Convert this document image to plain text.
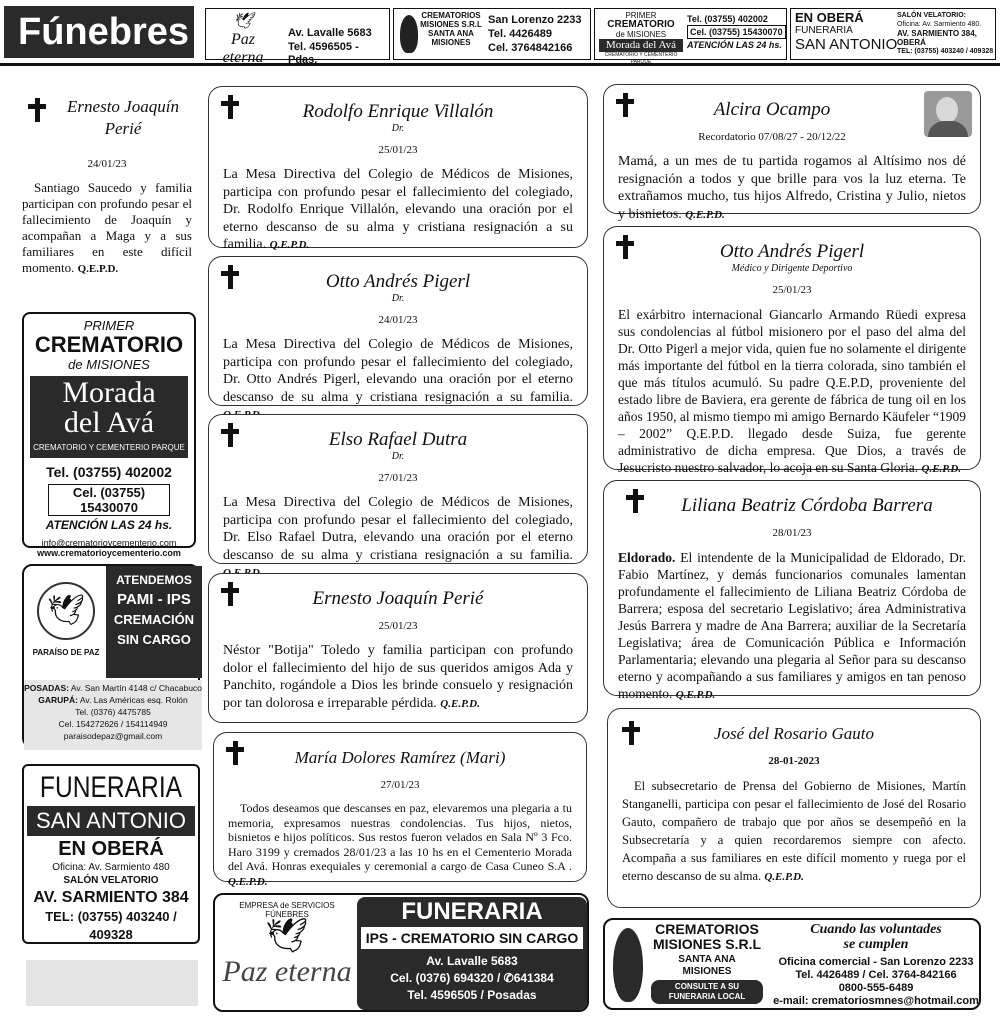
Fúnebres	🕊
Paz eterna
Av. Lavalle 5683
Tel. 4596505 - Pdas.
CREMATORIOS MISIONES S.R.L
SANTA ANA MISIONES
San Lorenzo 2233
Tel. 4426489
Cel. 3764842166
PRIMER
CREMATORIO
de MISIONES
Morada del Avá
CREMATORIO Y CEMENTERIO PARQUE
Tel. (03755) 402002
Cel. (03755) 15430070
ATENCIÓN LAS 24 hs.
EN OBERÁ
FUNERARIA
SAN ANTONIO
SALÓN VELATORIO:
Oficina: Av. Sarmiento 480.
AV. SARMIENTO 384, OBERÁ
TEL: (03755) 403240 / 409328
Ernesto Joaquín Perié
24/01/23
Santiago Saucedo y familia participan con profundo pesar el fallecimiento de Joaquín y acompañan a Maga y a sus familiares en este difícil momento. Q.E.P.D.
PRIMER
CREMATORIO
de MISIONES
Morada
del Avá
CREMATORIO Y CEMENTERIO PARQUE
Tel. (03755) 402002
Cel. (03755) 15430070
ATENCIÓN LAS 24 hs.
info@crematorioycementerio.com
www.crematorioycementerio.com
🕊
PARAÍSO DE PAZ
ATENDEMOS
PAMI - IPS
CREMACIÓN
SIN CARGO
POSADAS: Av. San Martín 4148 c/ Chacabuco
GARUPÁ: Av. Las Américas esq. Rolón
Tel. (0376) 4475785
Cel. 154272626 / 154114949
paraisodepaz@gmail.com
FUNERARIA
SAN ANTONIO
EN OBERÁ
Oficina: Av. Sarmiento 480
SALÓN VELATORIO
AV. SARMIENTO 384
TEL: (03755) 403240 / 409328
Rodolfo Enrique Villalón
Dr.
25/01/23
La Mesa Directiva del Colegio de Médicos de Misiones, participa con profundo pesar el fallecimiento del colegiado, Dr. Rodolfo Enrique Villalón, elevando una oración por el eterno descanso de su alma y cristiana resignación a su familia. Q.E.P.D.
Otto Andrés Pigerl
Dr.
24/01/23
La Mesa Directiva del Colegio de Médicos de Misiones, participa con profundo pesar el fallecimiento del colegiado, Dr. Otto Andrés Pigerl, elevando una oración por el eterno descanso de su alma y cristiana resignación a su familia.
Elso Rafael Dutra
Dr.
27/01/23
La Mesa Directiva del Colegio de Médicos de Misiones, participa con profundo pesar el fallecimiento del colegiado, Dr. Elso Rafael Dutra, elevando una oración por el eterno descanso de su alma y cristiana resignación a su familia.
Ernesto Joaquín Perié
25/01/23
Néstor "Botija" Toledo y familia participan con profundo dolor el fallecimiento del hijo de sus queridos amigos Ada y Panchito, rogándole a Dios les brinde consuelo y resignación por tan dolorosa e irreparable pérdida. Q.E.P.D.
María Dolores Ramírez (Mari)
27/01/23
Todos deseamos que descanses en paz, elevaremos una plegaria a tu memoria, expresamos nuestras condolencias. Tus hijos, nietos, bisnietos e hijos políticos. Sus restos fueron velados en Sala Nº 3 Fco. Haro 3199 y cremados 28/01/23 a las 10 hs en el Cementerio Morada del Avá. Honras exequiales y ceremonial a cargo de Casa Cuneo S.A . Q.E.P.D.
EMPRESA de SERVICIOS FÚNEBRES
🕊
Paz eterna
FUNERARIA
IPS - CREMATORIO SIN CARGO
Av. Lavalle 5683
Cel. (0376) 694320 / ✆641384
Tel. 4596505 / Posadas
Alcira Ocampo
Recordatorio 07/08/27 - 20/12/22
Mamá, a un mes de tu partida rogamos al Altísimo nos dé resignación a todos y que brille para vos la luz eterna. Te extrañamos mucho, tus hijos Alfredo, Cristina y Julio, nietos y bisnietos. Q.E.P.D.
Otto Andrés Pigerl
Médico y Dirigente Deportivo
25/01/23
El exárbitro internacional Giancarlo Armando Rüedi expresa sus condolencias al fútbol misionero por el paso del alma del Dr. Otto Pigerl a mejor vida, quien fue no solamente el dirigente más importante del fútbol en la tierra colorada, sino también el que más títulos acumuló. Su padre Q.E.P.D, proveniente del estado libre de Baviera, era gerente de fábrica de tung oil en los años 1950, al mismo tiempo mi amigo Bernardo Käufeler “1909 – 2002” Q.E.P.D. llegado desde Suiza, fue gerente administrativo de dicha empresa. Que Dios, a través de Jesucristo nuestro salvador, lo acoja en su Santa Gloria. Q.E.P.D.
Liliana Beatriz Córdoba Barrera
28/01/23
Eldorado. El intendente de la Municipalidad de Eldorado, Dr. Fabio Martínez, y demás funcionarios comunales lamentan profundamente el fallecimiento de Liliana Beatriz Córdoba de Barrera; esposa del secretario Legislativo; área Administrativa Jesús Barrera y madre de Ana Barrera; auxiliar de la Secretaría Legislativa; área de Comunicación Pública e Información Parlamentaria; elevando una plegaria al Señor para su descanso eterno y acompañando a sus familiares y amigos en tan penoso momento. Q.E.P.D.
José del Rosario Gauto
28-01-2023
El subsecretario de Prensa del Gobierno de Misiones, Martín Stanganelli, participa con pesar el fallecimiento de José del Rosario Gauto, compañero de trabajo que por años se desempeñó en la Subsecretaría y a quien recordaremos siempre con afecto. Acompaña a sus familiares en este difícil momento y ruega por el eterno descanso de su alma. Q.E.P.D.
CREMATORIOS
MISIONES S.R.L
SANTA ANA
MISIONES
CONSULTE A SU FUNERARIA LOCAL
Cuando las voluntades
se cumplen
Oficina comercial - San Lorenzo 2233
Tel. 4426489 / Cel. 3764-842166
0800-555-6489
e-mail: crematoriosmnes@hotmail.com
